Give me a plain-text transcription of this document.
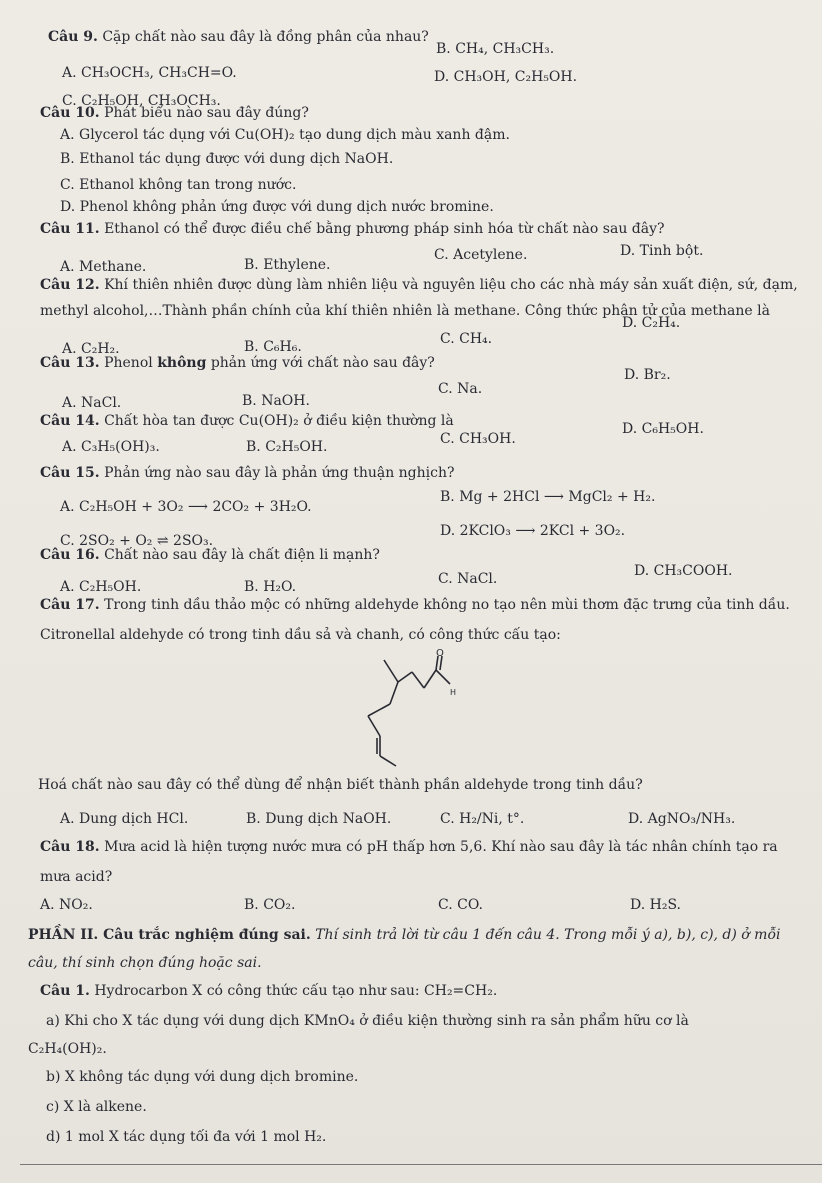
Câu 9. Cặp chất nào sau đây là đồng phân của nhau?
B. CH₄, CH₃CH₃.
A. CH₃OCH₃, CH₃CH=O.	D. CH₃OH, C₂H₅OH.
C. C₂H₅OH, CH₃OCH₃.
Câu 10. Phát biểu nào sau đây đúng?
A. Glycerol tác dụng với Cu(OH)₂ tạo dung dịch màu xanh đậm.
B. Ethanol tác dụng được với dung dịch NaOH.
C. Ethanol không tan trong nước.
D. Phenol không phản ứng được với dung dịch nước bromine.
Câu 11. Ethanol có thể được điều chế bằng phương pháp sinh hóa từ chất nào sau đây?
A. Methane.	B. Ethylene.
C. Acetylene.	D. Tinh bột.
Câu 12. Khí thiên nhiên được dùng làm nhiên liệu và nguyên liệu cho các nhà máy sản xuất điện, sứ, đạm,
methyl alcohol,…Thành phần chính của khí thiên nhiên là methane. Công thức phân tử của methane là
A. C₂H₂.	B. C₆H₆.	C. CH₄.
D. C₂H₄.
Câu 13. Phenol không phản ứng với chất nào sau đây?
A. NaCl.	B. NaOH.
C. Na.
D. Br₂.
Câu 14. Chất hòa tan được Cu(OH)₂ ở điều kiện thường là
A. C₃H₅(OH)₃.	B. C₂H₅OH.	C. CH₃OH.
D. C₆H₅OH.
Câu 15. Phản ứng nào sau đây là phản ứng thuận nghịch?
A. C₂H₅OH + 3O₂ ⟶ 2CO₂ + 3H₂O.
B. Mg + 2HCl ⟶ MgCl₂ + H₂.
C. 2SO₂ + O₂ ⇌ 2SO₃.
D. 2KClO₃ ⟶ 2KCl + 3O₂.
Câu 16. Chất nào sau đây là chất điện li mạnh?
A. C₂H₅OH.	B. H₂O.	C. NaCl.	D. CH₃COOH.
Câu 17. Trong tinh dầu thảo mộc có những aldehyde không no tạo nên mùi thơm đặc trưng của tinh dầu.
Citronellal aldehyde có trong tinh dầu sả và chanh, có công thức cấu tạo:
O
H
Hoá chất nào sau đây có thể dùng để nhận biết thành phần aldehyde trong tinh dầu?
A. Dung dịch HCl.	B. Dung dịch NaOH.	C. H₂/Ni, t°.	D. AgNO₃/NH₃.
Câu 18. Mưa acid là hiện tượng nước mưa có pH thấp hơn 5,6. Khí nào sau đây là tác nhân chính tạo ra
mưa acid?
A. NO₂.	B. CO₂.	C. CO.	D. H₂S.
PHẦN II. Câu trắc nghiệm đúng sai. Thí sinh trả lời từ câu 1 đến câu 4. Trong mỗi ý a), b), c), d) ở mỗi
câu, thí sinh chọn đúng hoặc sai.
Câu 1. Hydrocarbon X có công thức cấu tạo như sau: CH₂=CH₂.
a) Khi cho X tác dụng với dung dịch KMnO₄ ở điều kiện thường sinh ra sản phẩm hữu cơ là
C₂H₄(OH)₂.
b) X không tác dụng với dung dịch bromine.
c) X là alkene.
d) 1 mol X tác dụng tối đa với 1 mol H₂.
